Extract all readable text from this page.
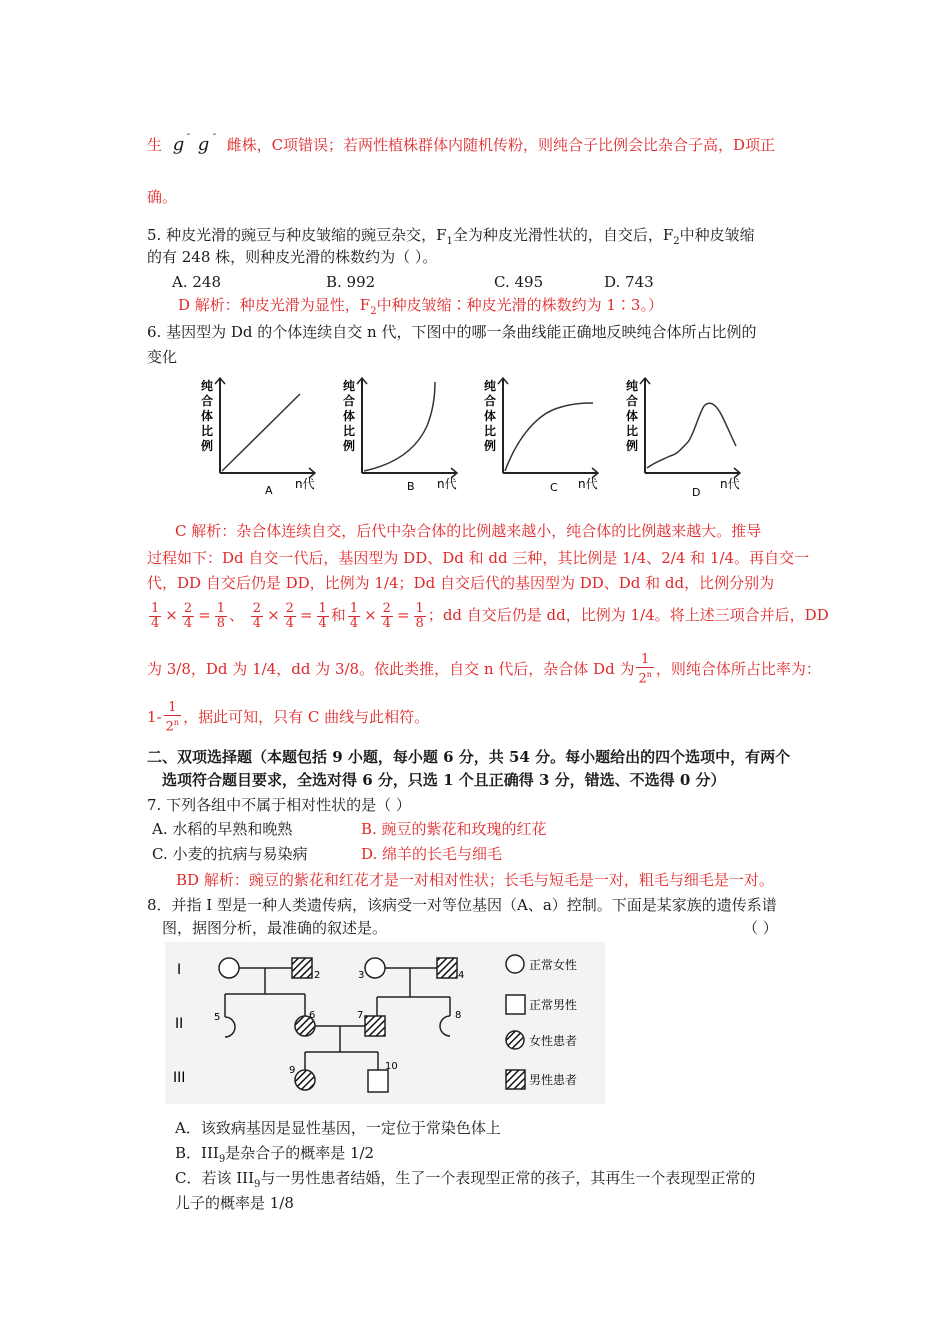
生 g - g -
雌株，C项错误；若两性植株群体内随机传粉，则纯合子比例会比杂合子高，D项正
确。
5. 种皮光滑的豌豆与种皮皱缩的豌豆杂交，$F_1$全为种皮光滑性状的，自交后，$F_2$中种皮皱缩
的有 248 株，则种皮光滑的株数约为（ ）。
A. 248	B. 992	C. 495	D. 743
D 解析：种皮光滑为显性，$F_2$中种皮皱缩∶种皮光滑的株数约为 1∶3。）
6. 基因型为 Dd 的个体连续自交 n 代，下图中的哪一条曲线能正确地反映纯合体所占比例的
变化
纯
合
体
比
例
A n代
纯
合
体
比
例
B n代
纯
合
体
比
例
C n代
纯
合
体
比
例
D
n代
C 解析：杂合体连续自交，后代中杂合体的比例越来越小，纯合体的比例越来越大。推导
过程如下：Dd 自交一代后，基因型为 DD、Dd 和 dd 三种，其比例是 1/4、2/4 和 1/4。再自交一
代，DD 自交后仍是 DD，比例为 1/4；Dd 自交后代的基因型为 DD、Dd 和 dd，比例分别为
$\frac{1}{4} \times \frac{2}{4} = \frac{1}{8}$ 、 $\frac{2}{4} \times \frac{2}{4} = \frac{1}{4}$ 和 $\frac{1}{4} \times \frac{2}{4} = \frac{1}{8}$ ；dd 自交后仍是 dd，比例为 1/4。将上述三项合并后，DD
为 3/8，Dd 为 1/4，dd 为 3/8。依此类推，自交 n 代后，杂合体 Dd 为 $\frac{1}{2^n}$ ，则纯合体所占比率为：
$1- \frac{1}{2^n}$ ，据此可知，只有 C 曲线与此相符。
二、双项选择题（本题包括 9 小题，每小题 6 分，共 54 分。每小题给出的四个选项中，有两个
选项符合题目要求，全选对得 6 分，只选 1 个且正确得 3 分，错选、不选得 0 分）
7. 下列各组中不属于相对性状的是（ ）
A. 水稻的早熟和晚熟	B. 豌豆的紫花和玫瑰的红花
C. 小麦的抗病与易染病	D. 绵羊的长毛与细毛
BD 解析：豌豆的紫花和红花才是一对相对性状；长毛与短毛是一对，粗毛与细毛是一对。
8．并指 I 型是一种人类遗传病，该病受一对等位基因（A、a）控制。下面是某家族的遗传系谱
图，据图分析，最准确的叙述是。	（ ）
I
II
III
2	3	4
5	6	7	8
9	10
正常女性
正常男性
女性患者
男性患者
A．该致病基因是显性基因，一定位于常染色体上
B．$III_9$是杂合子的概率是 1/2
C．若该 $III_9$与一男性患者结婚，生了一个表现型正常的孩子，其再生一个表现型正常的
儿子的概率是 1/8
